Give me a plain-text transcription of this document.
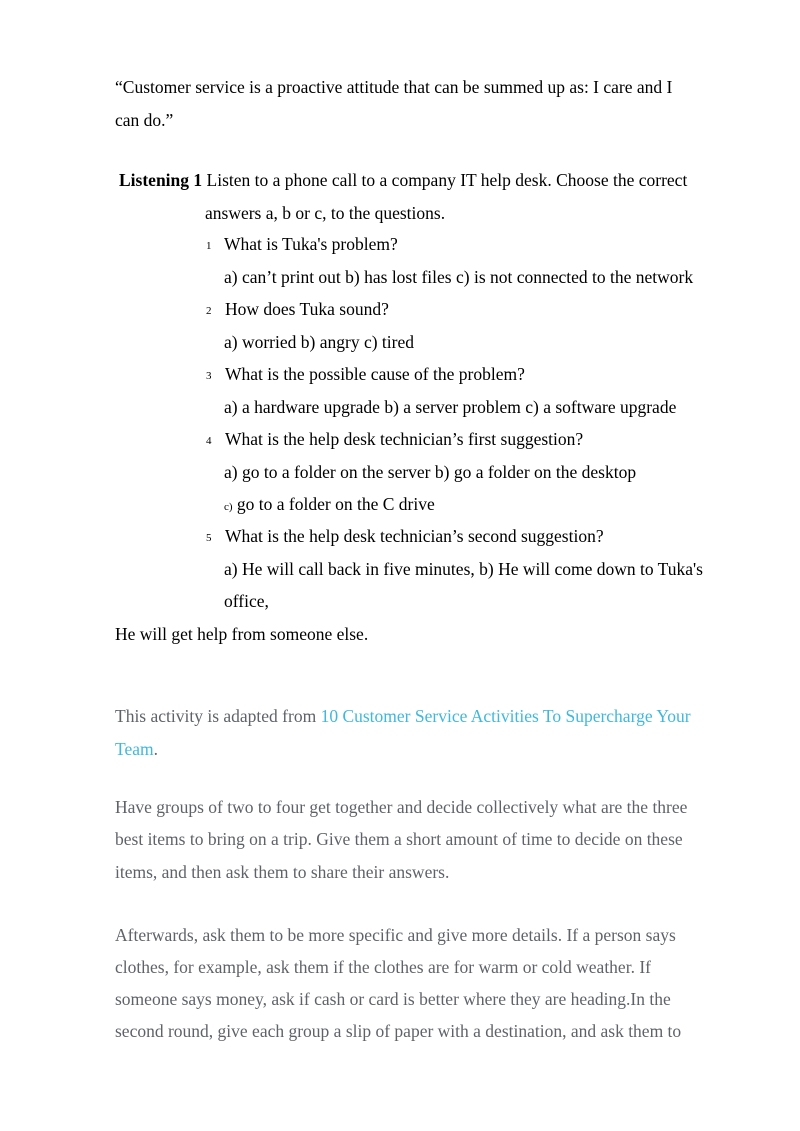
“Customer service is a proactive attitude that can be summed up as: I care and I
can do.”
Listening 1 Listen to a phone call to a company IT help desk. Choose the correct
answers a, b or c, to the questions.
1 What is Tuka's problem?
a) can’t print out b) has lost files c) is not connected to the network
2 How does Tuka sound?
a) worried b) angry c) tired
3 What is the possible cause of the problem?
a) a hardware upgrade b) a server problem c) a software upgrade
4 What is the help desk technician’s first suggestion?
a) go to a folder on the server b) go a folder on the desktop
c) go to a folder on the C drive
5 What is the help desk technician’s second suggestion?
a) He will call back in five minutes, b) He will come down to Tuka's
office,
He will get help from someone else.
This activity is adapted from 10 Customer Service Activities To Supercharge Your
Team.
Have groups of two to four get together and decide collectively what are the three
best items to bring on a trip. Give them a short amount of time to decide on these
items, and then ask them to share their answers.
Afterwards, ask them to be more specific and give more details. If a person says
clothes, for example, ask them if the clothes are for warm or cold weather. If
someone says money, ask if cash or card is better where they are heading.In the
second round, give each group a slip of paper with a destination, and ask them to
